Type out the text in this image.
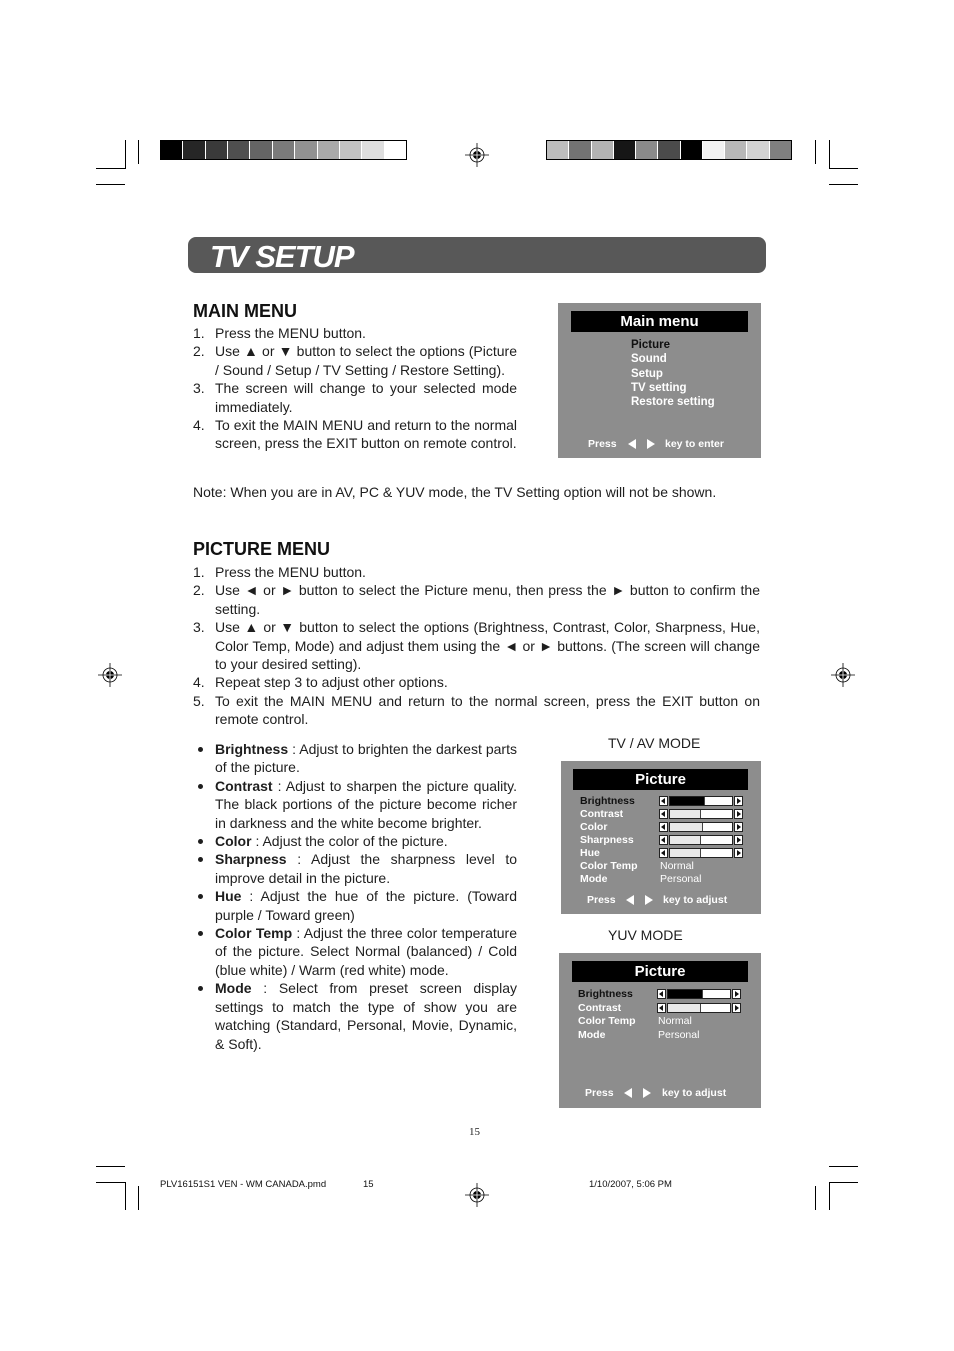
TV SETUP
MAIN MENU
1. Press the MENU button.
2. Use ▲ or ▼ button to select the options (Picture / Sound / Setup / TV Setting / Restore Setting).
3. The screen will change to your selected mode immediately.
4. To exit the MAIN MENU and return to the normal screen, press the EXIT button on remote control.
Note: When you are in AV, PC & YUV mode, the TV Setting option will not be shown.
Main menu
Press	key to enter
Picture
Sound
Setup
TV setting
Restore setting
PICTURE MENU
1. Press the MENU button.
2. Use ◄ or ► button to select the Picture menu, then press the ► button to confirm the setting.
3. Use ▲ or ▼ button to select the options (Brightness, Contrast, Color, Sharpness, Hue, Color Temp, Mode) and adjust them using the ◄ or ► buttons. (The screen will change to your desired setting).
4. Repeat step 3 to adjust other options.
5. To exit the MAIN MENU and return to the normal screen, press the EXIT button on remote control.
Brightness : Adjust to brighten the darkest parts of the picture.
Contrast : Adjust to sharpen the picture quality. The black portions of the picture become richer in darkness and the white become brighter.
Color : Adjust the color of the picture.
Sharpness : Adjust the sharpness level to improve detail in the picture.
Hue : Adjust the hue of the picture. (Toward purple / Toward green)
Color Temp : Adjust the three color temperature of the picture. Select Normal (balanced) / Cold (blue white) / Warm (red white) mode.
Mode : Select from preset screen display settings to match the type of show you are watching (Standard, Personal, Movie, Dynamic, & Soft).
TV / AV MODE
Picture
Press	key to adjust
Brightness
Contrast
Color
Sharpness
Hue
Color Temp Normal
Mode	Personal
YUV MODE
Picture
Press	key to adjust
Brightness
Contrast
Color Temp Normal
Mode	Personal
15
PLV16151S1 VEN - WM CANADA.pmd	15	1/10/2007, 5:06 PM
